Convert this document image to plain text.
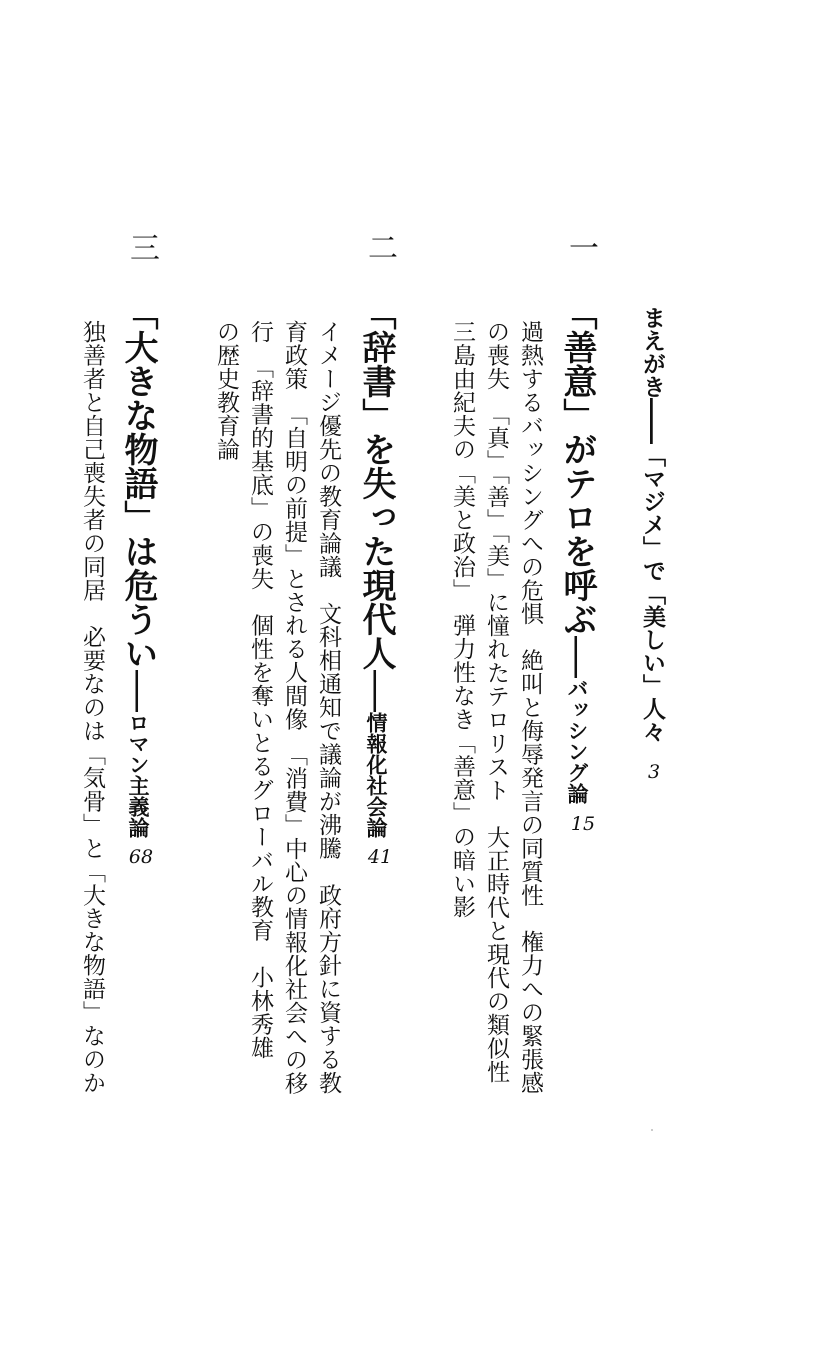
まえがき――「マジメ」で「美しい」人々
3
一
「善意」がテロを呼ぶ――バッシング論
15
過熱するバッシングへの危惧　絶叫と侮辱発言の同質性　権力への緊張感
の喪失　「真」「善」「美」に憧れたテロリスト　大正時代と現代の類似性
三島由紀夫の「美と政治」　弾力性なき「善意」の暗い影
二
「辞書」を失った現代人――情報化社会論
41
イメージ優先の教育論議　文科相通知で議論が沸騰　政府方針に資する教
育政策　「自明の前提」とされる人間像　「消費」中心の情報化社会への移
行　「辞書的基底」の喪失　個性を奪いとるグローバル教育　小林秀雄
の歴史教育論
三
「大きな物語」は危うい――ロマン主義論
68
独善者と自己喪失者の同居　必要なのは「気骨」と「大きな物語」なのか
